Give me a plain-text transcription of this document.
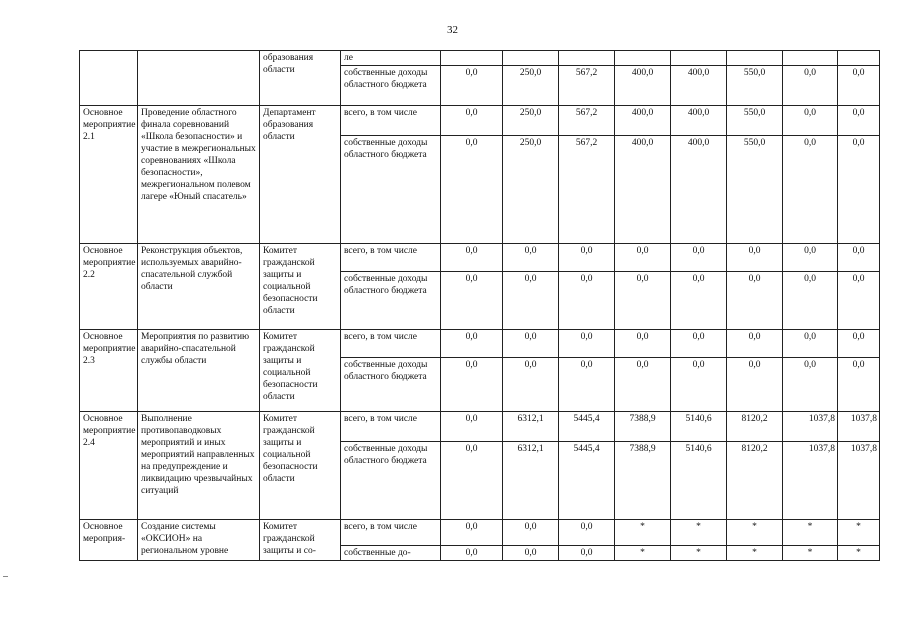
32
		образования области	ле								
			собственные доходы областного бюджета	0,0	250,0	567,2	400,0	400,0	550,0	0,0	0,0
Основное мероприятие 2.1	Проведение областного финала соревнований «Школа безопасности» и участие в межрегиональных соревнованиях «Школа безопасности», межрегиональном полевом лагере «Юный спасатель»	Департамент образования области	всего, в том числе	0,0	250,0	567,2	400,0	400,0	550,0	0,0	0,0
			собственные доходы областного бюджета	0,0	250,0	567,2	400,0	400,0	550,0	0,0	0,0
Основное мероприятие 2.2	Реконструкция объектов, используемых аварийно-спасательной службой области	Комитет гражданской защиты и социальной безопасности области	всего, в том числе	0,0	0,0	0,0	0,0	0,0	0,0	0,0	0,0
			собственные доходы областного бюджета	0,0	0,0	0,0	0,0	0,0	0,0	0,0	0,0
Основное мероприятие 2.3	Мероприятия по развитию аварийно-спасательной службы области	Комитет гражданской защиты и социальной безопасности области	всего, в том числе	0,0	0,0	0,0	0,0	0,0	0,0	0,0	0,0
			собственные доходы областного бюджета	0,0	0,0	0,0	0,0	0,0	0,0	0,0	0,0
Основное мероприятие 2.4	Выполнение противопаводковых мероприятий и иных мероприятий направленных на предупреждение и ликвидацию чрезвычайных ситуаций	Комитет гражданской защиты и социальной безопасности области	всего, в том числе	0,0	6312,1	5445,4	7388,9	5140,6	8120,2	1037,8	1037,8
			собственные доходы областного бюджета	0,0	6312,1	5445,4	7388,9	5140,6	8120,2	1037,8	1037,8
Основное мероприя-	Создание системы «ОКСИОН» на региональном уровне	Комитет гражданской защиты и со-	всего, в том числе	0,0	0,0	0,0	*	*	*	*	*
			собственные до-	0,0	0,0	0,0	*	*	*	*	*
